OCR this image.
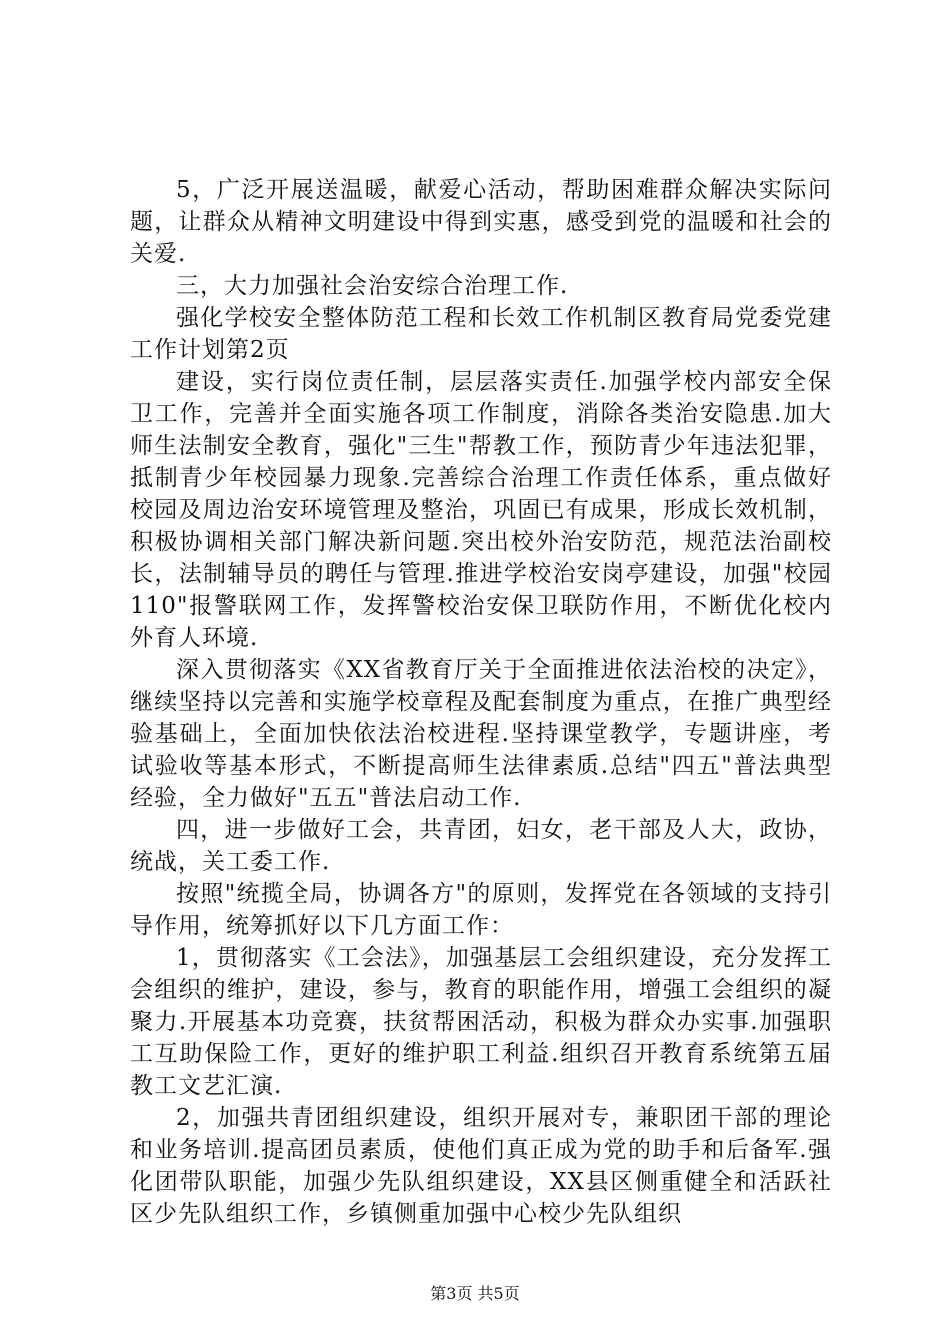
5，广泛开展送温暖，献爱心活动，帮助困难群众解决实际问题，让群众从精神文明建设中得到实惠，感受到党的温暖和社会的关爱.

三，大力加强社会治安综合治理工作.

强化学校安全整体防范工程和长效工作机制区教育局党委党建工作计划第2页

建设，实行岗位责任制，层层落实责任.加强学校内部安全保卫工作，完善并全面实施各项工作制度，消除各类治安隐患.加大师生法制安全教育，强化"三生"帮教工作，预防青少年违法犯罪，抵制青少年校园暴力现象.完善综合治理工作责任体系，重点做好校园及周边治安环境管理及整治，巩固已有成果，形成长效机制，积极协调相关部门解决新问题.突出校外治安防范，规范法治副校长，法制辅导员的聘任与管理.推进学校治安岗亭建设，加强"校园110"报警联网工作，发挥警校治安保卫联防作用，不断优化校内外育人环境.

深入贯彻落实《XX省教育厅关于全面推进依法治校的决定》，继续坚持以完善和实施学校章程及配套制度为重点，在推广典型经验基础上，全面加快依法治校进程.坚持课堂教学，专题讲座，考试验收等基本形式，不断提高师生法律素质.总结"四五"普法典型经验，全力做好"五五"普法启动工作.

四，进一步做好工会，共青团，妇女，老干部及人大，政协，统战，关工委工作.

按照"统揽全局，协调各方"的原则，发挥党在各领域的支持引导作用，统筹抓好以下几方面工作：

1，贯彻落实《工会法》，加强基层工会组织建设，充分发挥工会组织的维护，建设，参与，教育的职能作用，增强工会组织的凝聚力.开展基本功竞赛，扶贫帮困活动，积极为群众办实事.加强职工互助保险工作，更好的维护职工利益.组织召开教育系统第五届教工文艺汇演.

2，加强共青团组织建设，组织开展对专，兼职团干部的理论和业务培训.提高团员素质，使他们真正成为党的助手和后备军.强化团带队职能，加强少先队组织建设，XX县区侧重健全和活跃社区少先队组织工作，乡镇侧重加强中心校少先队组织

第3页 共5页
